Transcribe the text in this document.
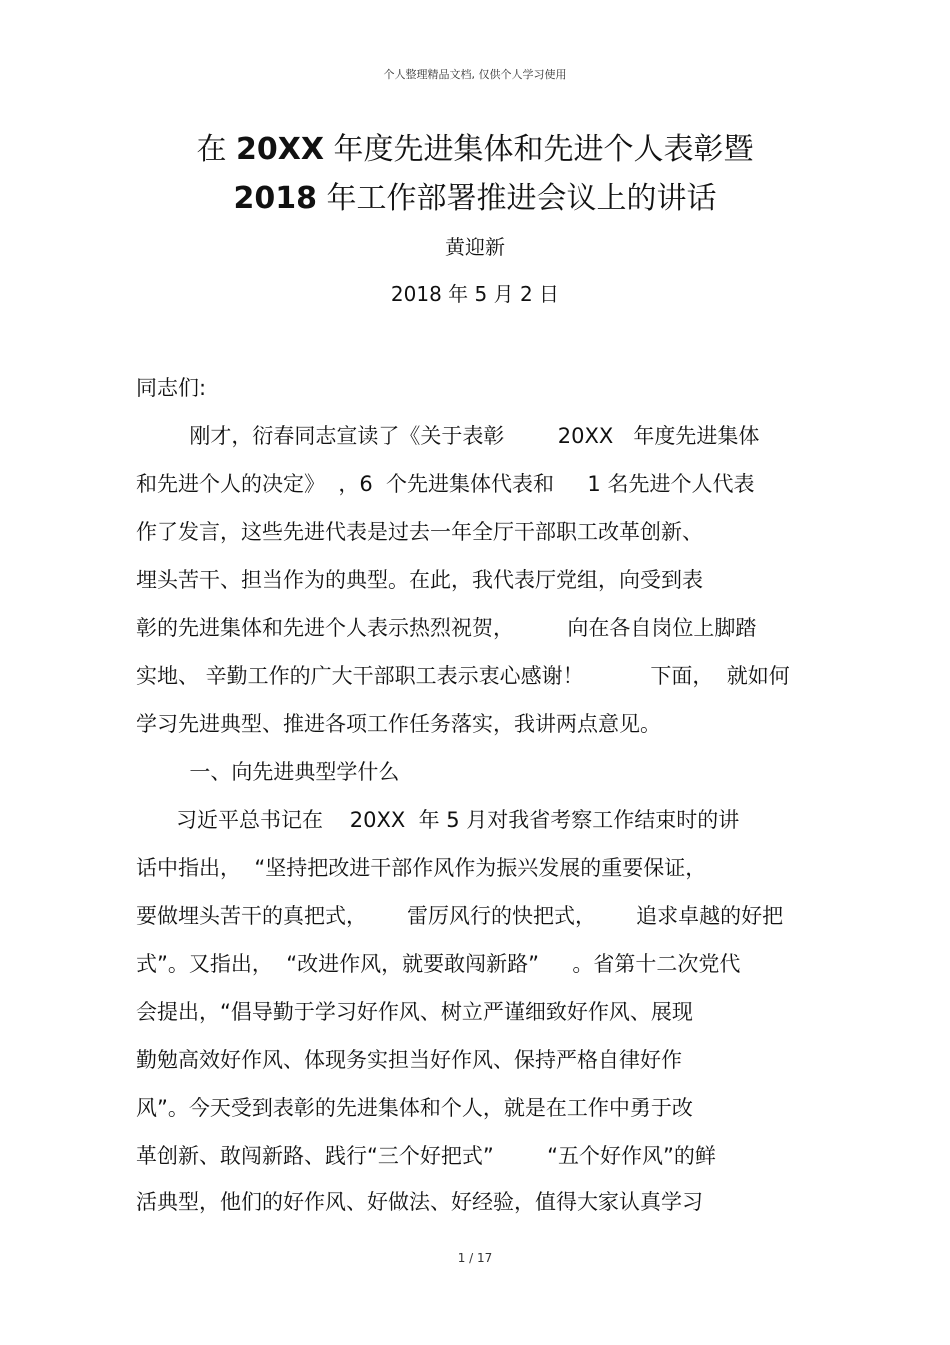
个人整理精品文档, 仅供个人学习使用
在 20XX 年度先进集体和先进个人表彰暨
2018 年工作部署推进会议上的讲话
黄迎新
2018 年 5 月 2 日
同志们:
刚才，衍春同志宣读了《关于表彰        20XX   年度先进集体
和先进个人的决定》  ，6  个先进集体代表和     1 名先进个人代表
作了发言，这些先进代表是过去一年全厅干部职工改革创新、
埋头苦干、担当作为的典型。在此，我代表厅党组，向受到表
彰的先进集体和先进个人表示热烈祝贺，        向在各自岗位上脚踏
实地、 辛勤工作的广大干部职工表示衷心感谢！          下面，  就如何
学习先进典型、推进各项工作任务落实，我讲两点意见。
一、向先进典型学什么
习近平总书记在    20XX  年 5 月对我省考察工作结束时的讲
话中指出，  “坚持把改进干部作风作为振兴发展的重要保证，
要做埋头苦干的真把式，      雷厉风行的快把式，      追求卓越的好把
式”。又指出，  “改进作风，就要敢闯新路”     。省第十二次党代
会提出，“倡导勤于学习好作风、树立严谨细致好作风、展现
勤勉高效好作风、体现务实担当好作风、保持严格自律好作
风”。今天受到表彰的先进集体和个人，就是在工作中勇于改
革创新、敢闯新路、践行“三个好把式”        “五个好作风”的鲜
活典型，他们的好作风、好做法、好经验，值得大家认真学习
1 / 17
